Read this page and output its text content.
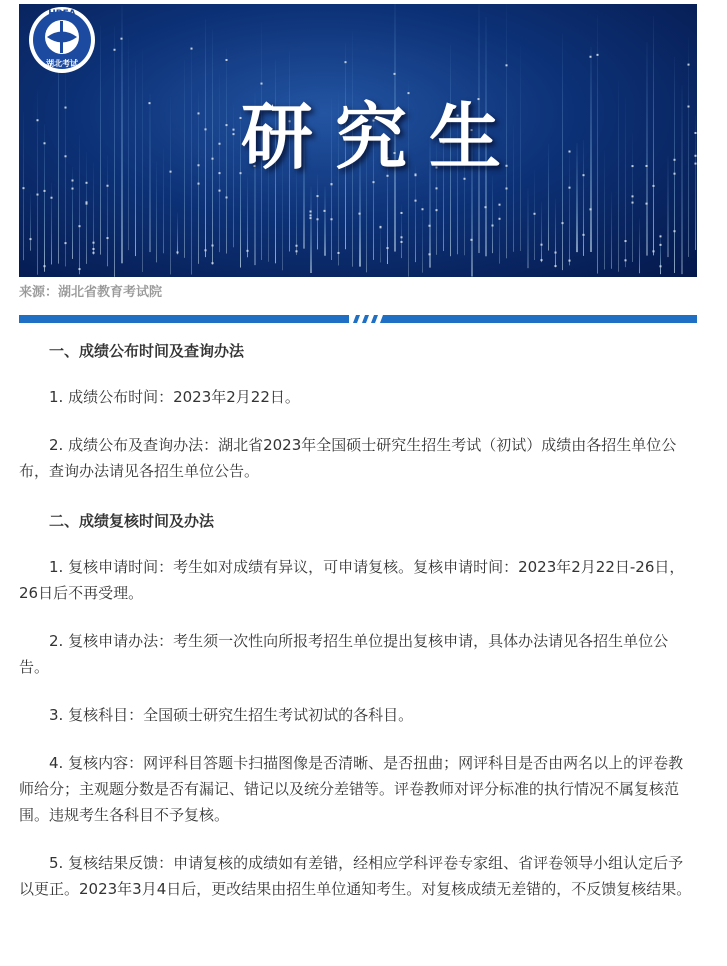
HBEA
湖北考试
研究生
来源：湖北省教育考试院

一、成绩公布时间及查询办法

1. 成绩公布时间：2023年2月22日。

2. 成绩公布及查询办法：湖北省2023年全国硕士研究生招生考试（初试）成绩由各招生单位公布，查询办法请见各招生单位公告。

二、成绩复核时间及办法

1. 复核申请时间：考生如对成绩有异议，可申请复核。复核申请时间：2023年2月22日-26日，26日后不再受理。

2. 复核申请办法：考生须一次性向所报考招生单位提出复核申请，具体办法请见各招生单位公告。

3. 复核科目：全国硕士研究生招生考试初试的各科目。

4. 复核内容：网评科目答题卡扫描图像是否清晰、是否扭曲；网评科目是否由两名以上的评卷教师给分；主观题分数是否有漏记、错记以及统分差错等。评卷教师对评分标准的执行情况不属复核范围。违规考生各科目不予复核。

5. 复核结果反馈：申请复核的成绩如有差错，经相应学科评卷专家组、省评卷领导小组认定后予以更正。2023年3月4日后，更改结果由招生单位通知考生。对复核成绩无差错的，不反馈复核结果。
